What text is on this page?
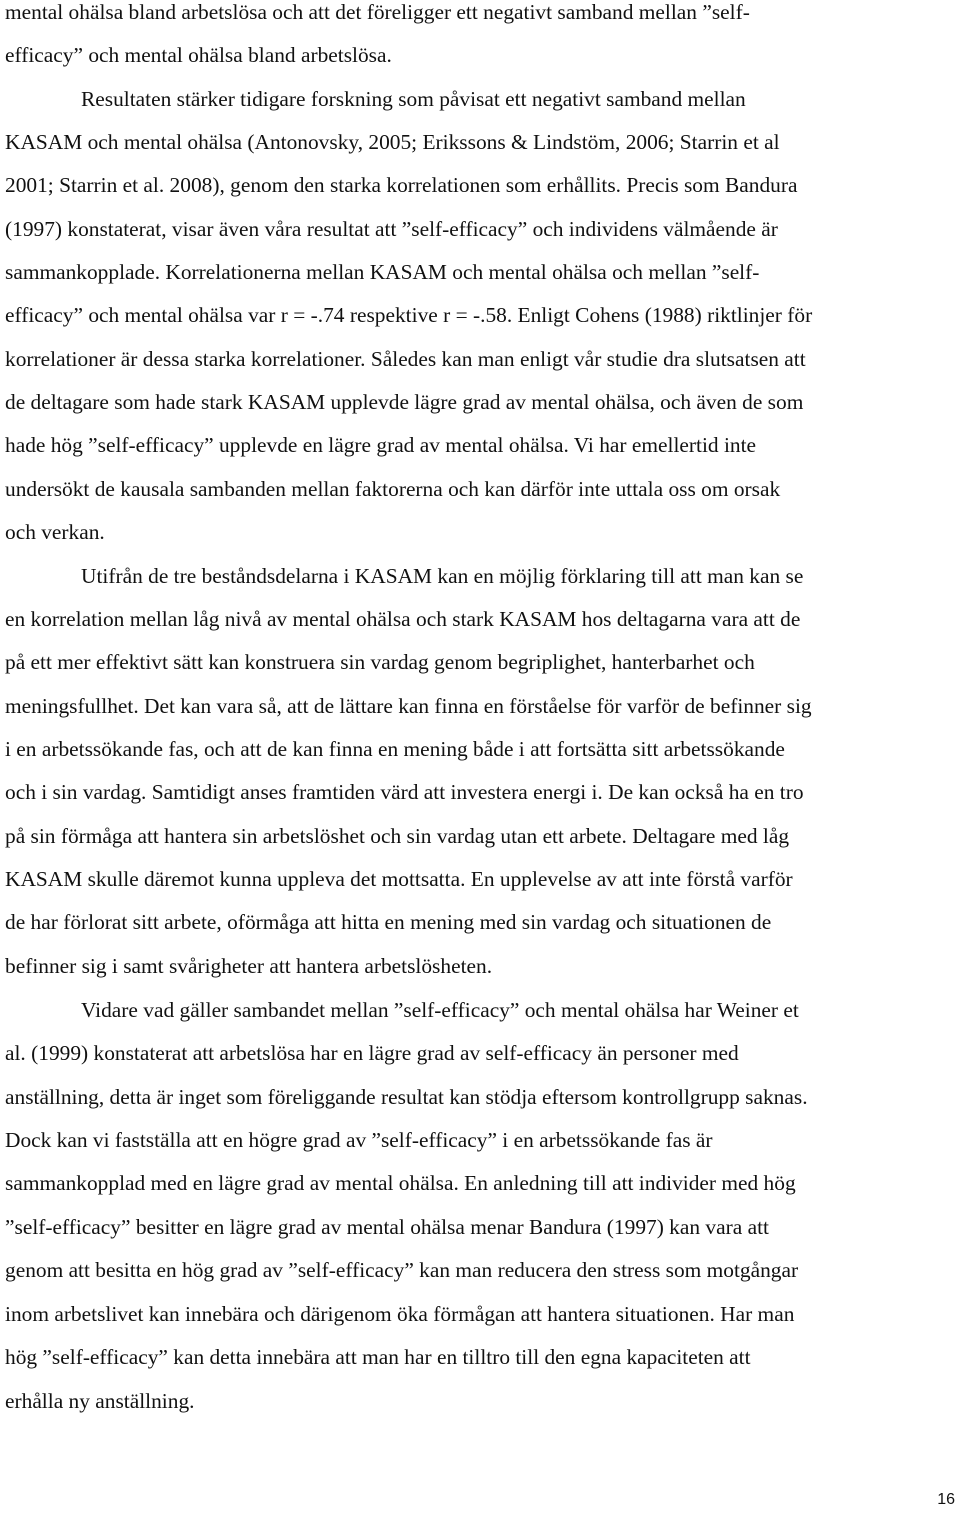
mental ohälsa bland arbetslösa och att det föreligger ett negativt samband mellan ”self-
efficacy” och mental ohälsa bland arbetslösa.
Resultaten stärker tidigare forskning som påvisat ett negativt samband mellan
KASAM och mental ohälsa (Antonovsky, 2005; Erikssons & Lindstöm, 2006; Starrin et al
2001; Starrin et al. 2008), genom den starka korrelationen som erhållits. Precis som Bandura
(1997) konstaterat, visar även våra resultat att ”self-efficacy” och individens välmående är
sammankopplade. Korrelationerna mellan KASAM och mental ohälsa och mellan ”self-
efficacy” och mental ohälsa var r = -.74 respektive r = -.58. Enligt Cohens (1988) riktlinjer för
korrelationer är dessa starka korrelationer. Således kan man enligt vår studie dra slutsatsen att
de deltagare som hade stark KASAM upplevde lägre grad av mental ohälsa, och även de som
hade hög ”self-efficacy” upplevde en lägre grad av mental ohälsa. Vi har emellertid inte
undersökt de kausala sambanden mellan faktorerna och kan därför inte uttala oss om orsak
och verkan.
Utifrån de tre beståndsdelarna i KASAM kan en möjlig förklaring till att man kan se
en korrelation mellan låg nivå av mental ohälsa och stark KASAM hos deltagarna vara att de
på ett mer effektivt sätt kan konstruera sin vardag genom begriplighet, hanterbarhet och
meningsfullhet. Det kan vara så, att de lättare kan finna en förståelse för varför de befinner sig
i en arbetssökande fas, och att de kan finna en mening både i att fortsätta sitt arbetssökande
och i sin vardag. Samtidigt anses framtiden värd att investera energi i. De kan också ha en tro
på sin förmåga att hantera sin arbetslöshet och sin vardag utan ett arbete. Deltagare med låg
KASAM skulle däremot kunna uppleva det mottsatta. En upplevelse av att inte förstå varför
de har förlorat sitt arbete, oförmåga att hitta en mening med sin vardag och situationen de
befinner sig i samt svårigheter att hantera arbetslösheten.
Vidare vad gäller sambandet mellan ”self-efficacy” och mental ohälsa har Weiner et
al. (1999) konstaterat att arbetslösa har en lägre grad av self-efficacy än personer med
anställning, detta är inget som föreliggande resultat kan stödja eftersom kontrollgrupp saknas.
Dock kan vi fastställa att en högre grad av ”self-efficacy” i en arbetssökande fas är
sammankopplad med en lägre grad av mental ohälsa. En anledning till att individer med hög
”self-efficacy” besitter en lägre grad av mental ohälsa menar Bandura (1997) kan vara att
genom att besitta en hög grad av ”self-efficacy” kan man reducera den stress som motgångar
inom arbetslivet kan innebära och därigenom öka förmågan att hantera situationen. Har man
hög ”self-efficacy” kan detta innebära att man har en tilltro till den egna kapaciteten att
erhålla ny anställning.
16
